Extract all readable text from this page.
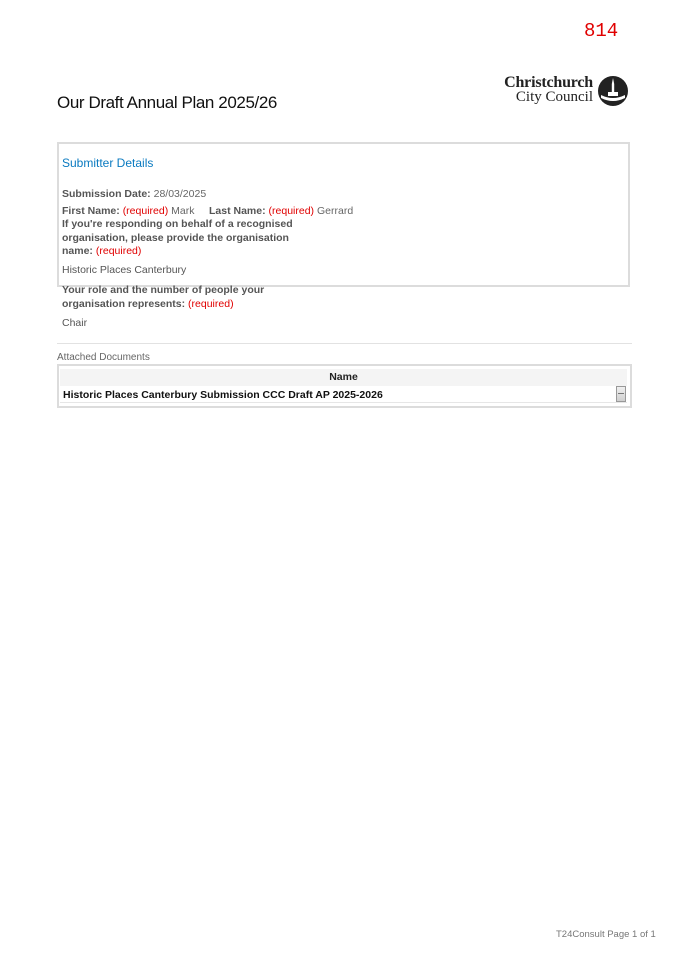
814
Christchurch
City Council
Our Draft Annual Plan 2025/26
Submitter Details
Submission Date: 28/03/2025
First Name: (required) Mark Last Name: (required) Gerrard
If you're responding on behalf of a recognised
organisation, please provide the organisation
name: (required)
Historic Places Canterbury
Your role and the number of people your
organisation represents: (required)
Chair
Attached Documents
Name
Historic Places Canterbury Submission CCC Draft AP 2025-2026
T24Consult Page 1 of 1
